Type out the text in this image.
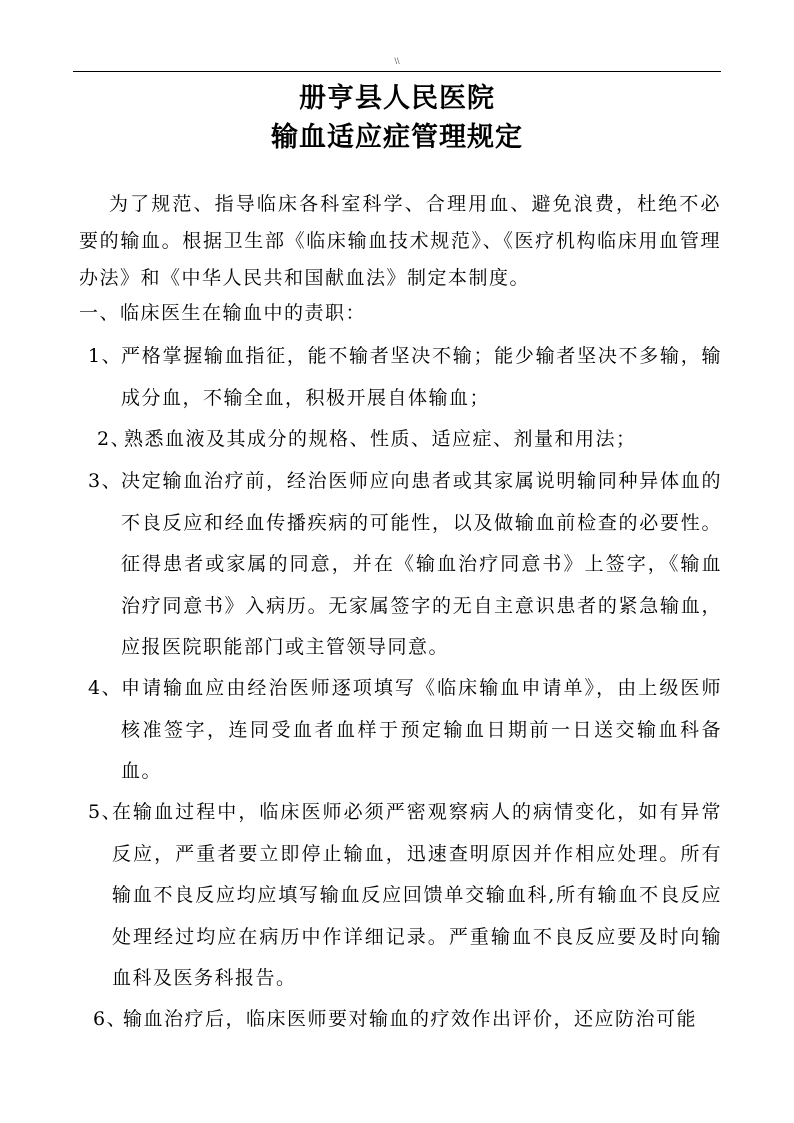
\\
册亨县人民医院
输血适应症管理规定
为了规范、指导临床各科室科学、合理用血、避免浪费，杜绝不必要的输血。根据卫生部《临床输血技术规范》、《医疗机构临床用血管理办法》和《中华人民共和国献血法》制定本制度。
一、临床医生在输血中的责职：
1、
严格掌握输血指征，能不输者坚决不输；能少输者坚决不多输，输成分血，不输全血，积极开展自体输血；
2、
熟悉血液及其成分的规格、性质、适应症、剂量和用法；
3、
决定输血治疗前，经治医师应向患者或其家属说明输同种异体血的不良反应和经血传播疾病的可能性，以及做输血前检查的必要性。征得患者或家属的同意，并在《输血治疗同意书》上签字，《输血治疗同意书》入病历。无家属签字的无自主意识患者的紧急输血，应报医院职能部门或主管领导同意。
4、
申请输血应由经治医师逐项填写《临床输血申请单》，由上级医师核准签字，连同受血者血样于预定输血日期前一日送交输血科备血。
5、
在输血过程中，临床医师必须严密观察病人的病情变化，如有异常反应，严重者要立即停止输血，迅速查明原因并作相应处理。所有输血不良反应均应填写输血反应回馈单交输血科,所有输血不良反应处理经过均应在病历中作详细记录。严重输血不良反应要及时向输血科及医务科报告。
6、
输血治疗后，临床医师要对输血的疗效作出评价，还应防治可能
